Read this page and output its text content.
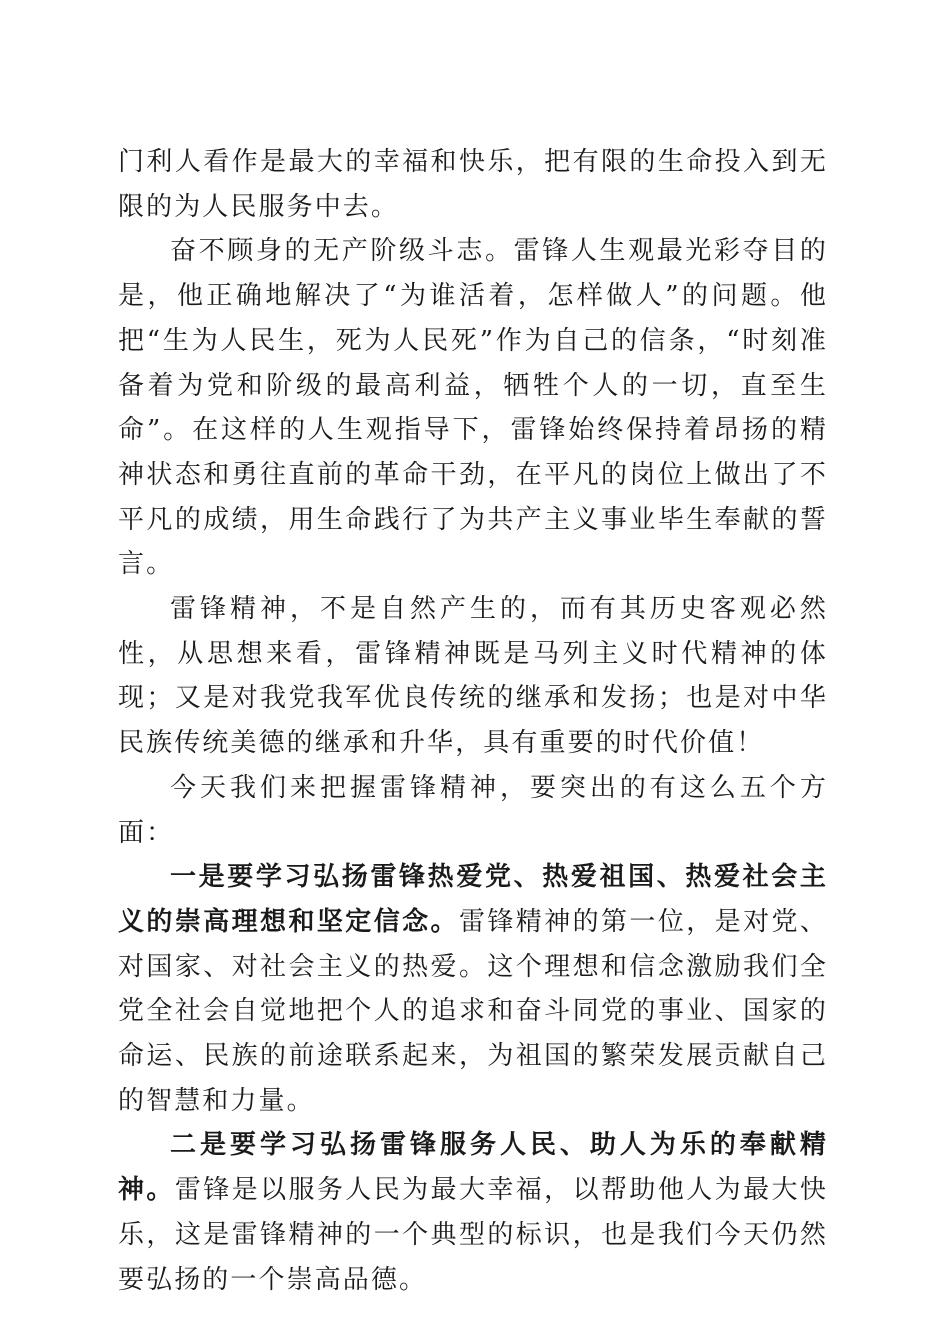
门利人看作是最大的幸福和快乐，把有限的生命投入到无限的为人民服务中去。

奋不顾身的无产阶级斗志。雷锋人生观最光彩夺目的是，他正确地解决了“为谁活着，怎样做人”的问题。他把“生为人民生，死为人民死”作为自己的信条，“时刻准备着为党和阶级的最高利益，牺牲个人的一切，直至生命”。在这样的人生观指导下，雷锋始终保持着昂扬的精神状态和勇往直前的革命干劲，在平凡的岗位上做出了不平凡的成绩，用生命践行了为共产主义事业毕生奉献的誓言。

雷锋精神，不是自然产生的，而有其历史客观必然性，从思想来看，雷锋精神既是马列主义时代精神的体现；又是对我党我军优良传统的继承和发扬；也是对中华民族传统美德的继承和升华，具有重要的时代价值！

今天我们来把握雷锋精神，要突出的有这么五个方面：

一是要学习弘扬雷锋热爱党、热爱祖国、热爱社会主义的崇高理想和坚定信念。雷锋精神的第一位，是对党、对国家、对社会主义的热爱。这个理想和信念激励我们全党全社会自觉地把个人的追求和奋斗同党的事业、国家的命运、民族的前途联系起来，为祖国的繁荣发展贡献自己的智慧和力量。

二是要学习弘扬雷锋服务人民、助人为乐的奉献精神。雷锋是以服务人民为最大幸福，以帮助他人为最大快乐，这是雷锋精神的一个典型的标识，也是我们今天仍然要弘扬的一个崇高品德。
